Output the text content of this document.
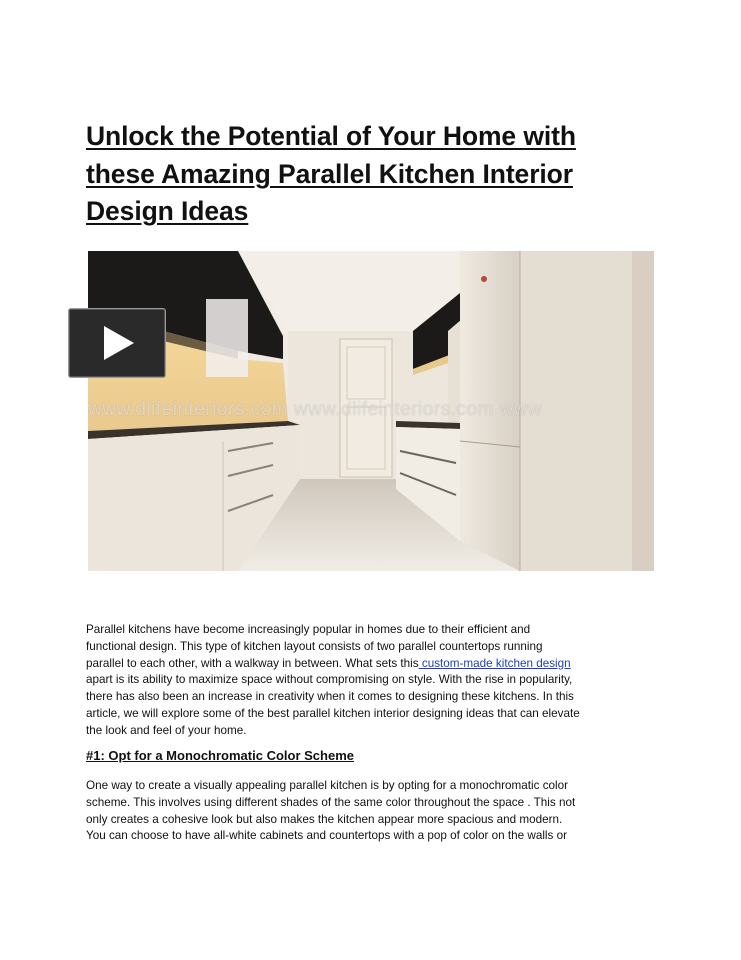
Unlock the Potential of Your Home with
these Amazing Parallel Kitchen Interior
Design Ideas
www.dlifeinteriors.com www.dlifeinteriors.com www

Parallel kitchens have become increasingly popular in homes due to their efficient and
functional design. This type of kitchen layout consists of two parallel countertops running
parallel to each other, with a walkway in between. What sets this custom-made kitchen design
apart is its ability to maximize space without compromising on style. With the rise in popularity,
there has also been an increase in creativity when it comes to designing these kitchens. In this
article, we will explore some of the best parallel kitchen interior designing ideas that can elevate
the look and feel of your home.

#1: Opt for a Monochromatic Color Scheme

One way to create a visually appealing parallel kitchen is by opting for a monochromatic color
scheme. This involves using different shades of the same color throughout the space . This not
only creates a cohesive look but also makes the kitchen appear more spacious and modern.
You can choose to have all-white cabinets and countertops with a pop of color on the walls or
